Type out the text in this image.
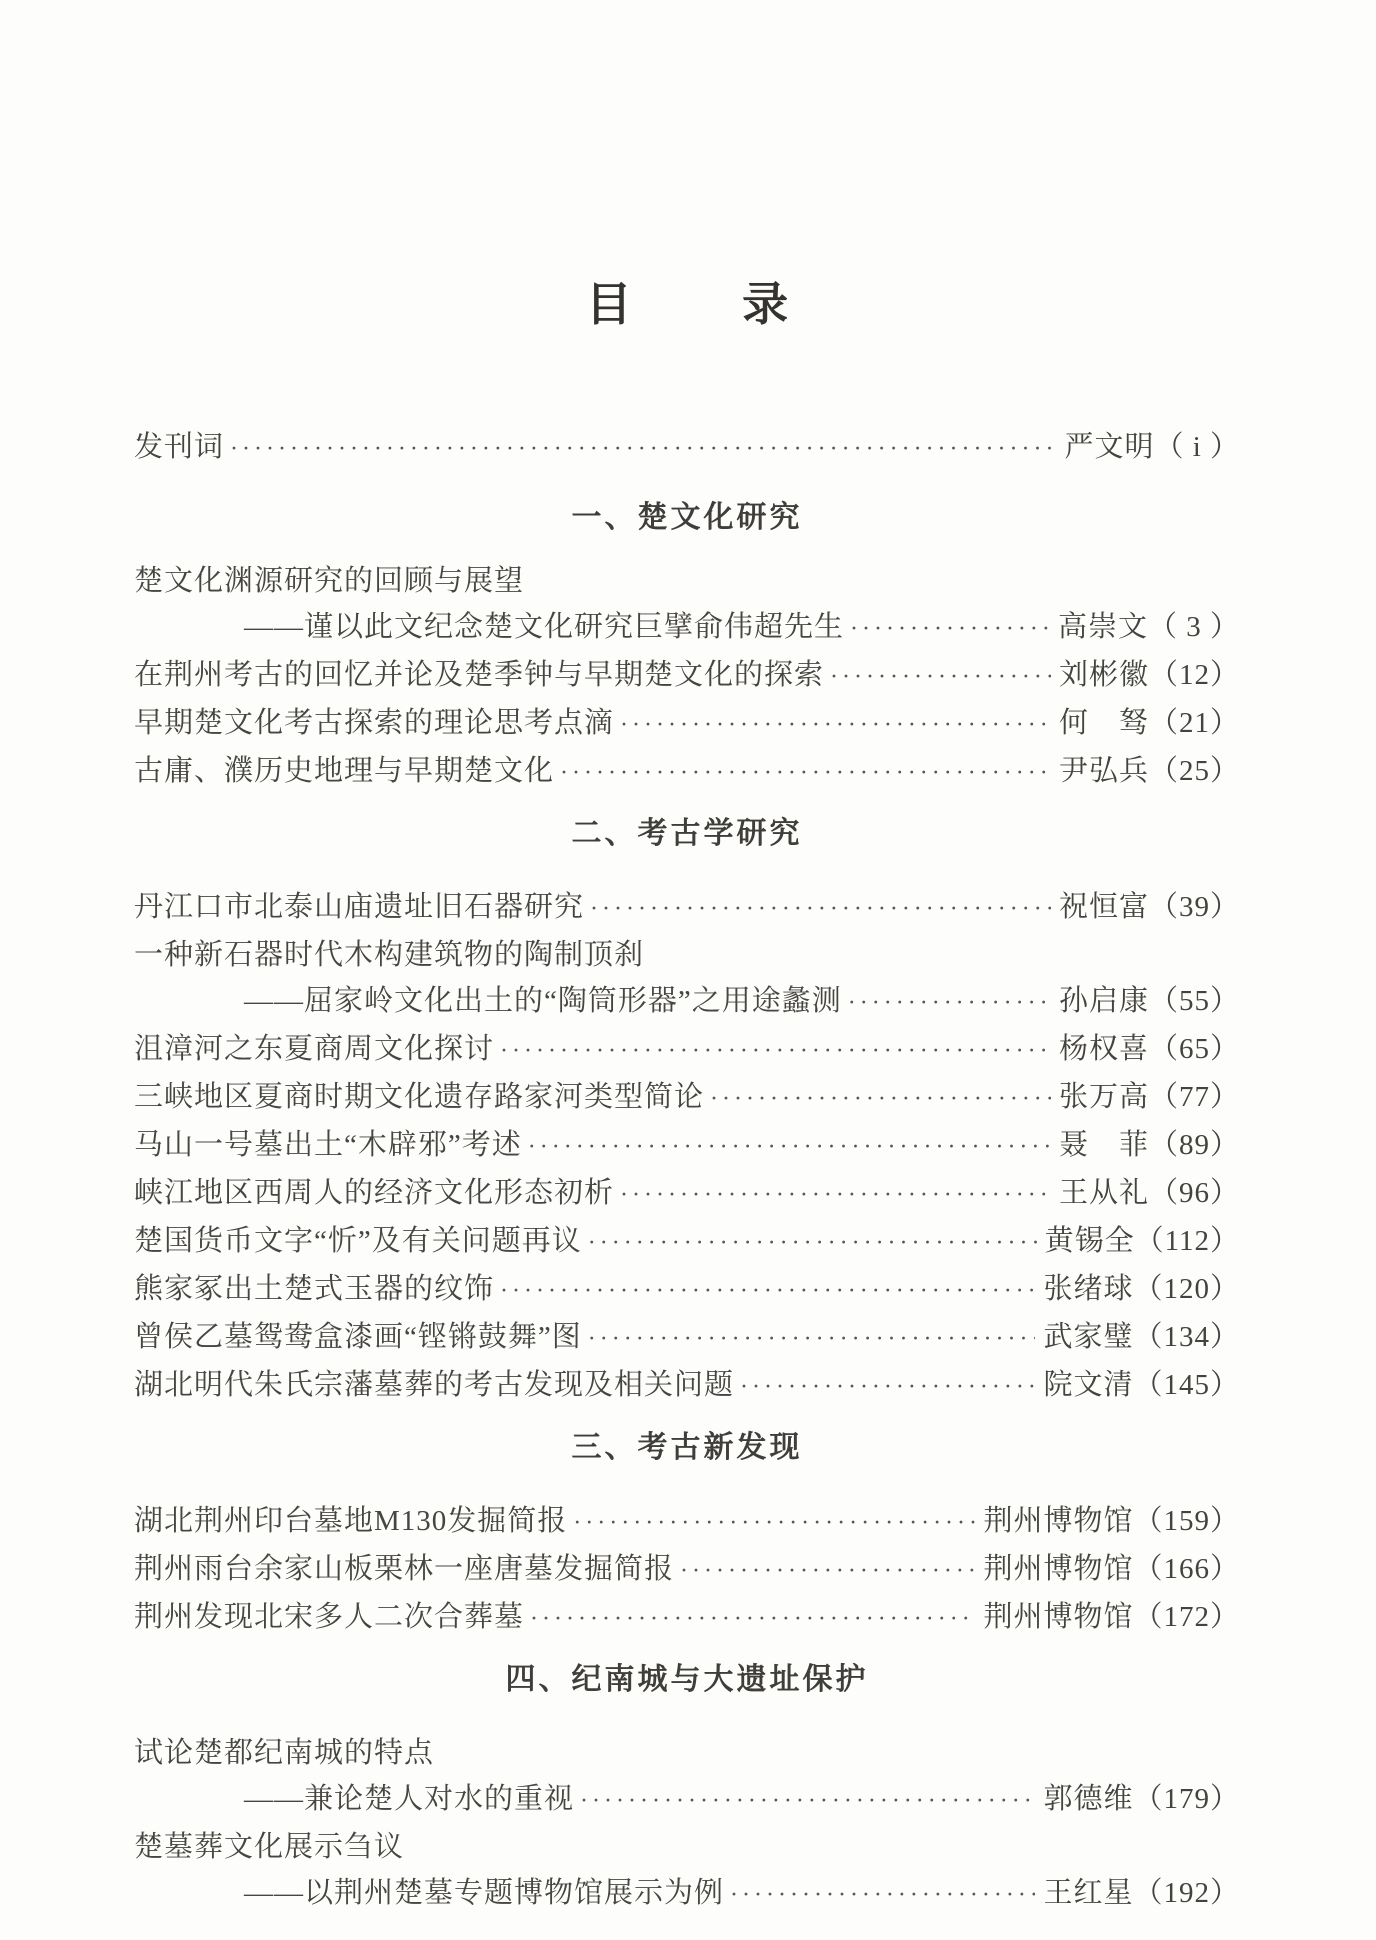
目录
发刊词 ·····	严文明（ i ）
一、楚文化研究
楚文化渊源研究的回顾与展望
——谨以此文纪念楚文化研究巨擘俞伟超先生 ·····	高崇文（ 3 ）
在荆州考古的回忆并论及楚季钟与早期楚文化的探索 ·····	刘彬徽（12）
早期楚文化考古探索的理论思考点滴 ·····	何　驽（21）
古庸、濮历史地理与早期楚文化 ·····	尹弘兵（25）
二、考古学研究
丹江口市北泰山庙遗址旧石器研究 ·····	祝恒富（39）
一种新石器时代木构建筑物的陶制顶刹
——屈家岭文化出土的“陶筒形器”之用途蠡测 ·····	孙启康（55）
沮漳河之东夏商周文化探讨 ·····	杨权喜（65）
三峡地区夏商时期文化遗存路家河类型简论 ·····	张万高（77）
马山一号墓出土“木辟邪”考述 ·····	聂　菲（89）
峡江地区西周人的经济文化形态初析 ·····	王从礼（96）
楚国货币文字“忻”及有关问题再议 ·····	黄锡全（112）
熊家冢出土楚式玉器的纹饰 ·····	张绪球（120）
曾侯乙墓鸳鸯盒漆画“铿锵鼓舞”图 ·····	武家璧（134）
湖北明代朱氏宗藩墓葬的考古发现及相关问题 ·····	院文清（145）
三、考古新发现
湖北荆州印台墓地M130发掘简报 ·····	荆州博物馆（159）
荆州雨台余家山板栗林一座唐墓发掘简报 ·····	荆州博物馆（166）
荆州发现北宋多人二次合葬墓 ·····	荆州博物馆（172）
四、纪南城与大遗址保护
试论楚都纪南城的特点
——兼论楚人对水的重视 ·····	郭德维（179）
楚墓葬文化展示刍议
——以荆州楚墓专题博物馆展示为例 ·····	王红星（192）
